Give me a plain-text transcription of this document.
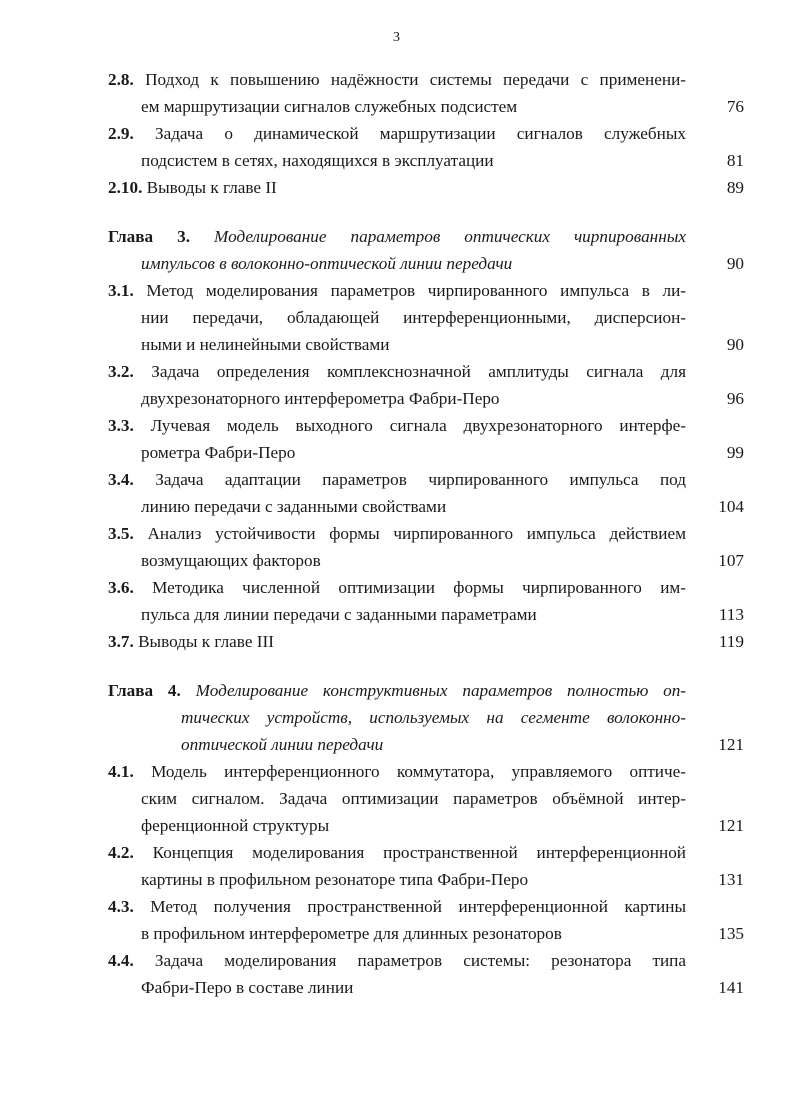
3
2.8. Подход к повышению надёжности системы передачи с применени-
ем маршрутизации сигналов служебных подсистем	76
2.9. Задача о динамической маршрутизации сигналов служебных
подсистем в сетях, находящихся в эксплуатации	81
2.10. Выводы к главе II	89
Глава 3. Моделирование параметров оптических чирпированных
импульсов в волоконно-оптической линии передачи	90
3.1. Метод моделирования параметров чирпированного импульса в ли-
нии передачи, обладающей интерференционными, дисперсион-
ными и нелинейными свойствами	90
3.2. Задача определения комплекснозначной амплитуды сигнала для
двухрезонаторного интерферометра Фабри-Перо	96
3.3. Лучевая модель выходного сигнала двухрезонаторного интерфе-
рометра Фабри-Перо	99
3.4. Задача адаптации параметров чирпированного импульса под
линию передачи с заданными свойствами	104
3.5. Анализ устойчивости формы чирпированного импульса действием
возмущающих факторов	107
3.6. Методика численной оптимизации формы чирпированного им-
пульса для линии передачи с заданными параметрами	113
3.7. Выводы к главе III	119
Глава 4. Моделирование конструктивных параметров полностью оп-
тических устройств, используемых на сегменте волоконно-
оптической линии передачи	121
4.1. Модель интерференционного коммутатора, управляемого оптиче-
ским сигналом. Задача оптимизации параметров объёмной интер-
ференционной структуры	121
4.2. Концепция моделирования пространственной интерференционной
картины в профильном резонаторе типа Фабри-Перо	131
4.3. Метод получения пространственной интерференционной картины
в профильном интерферометре для длинных резонаторов	135
4.4. Задача моделирования параметров системы: резонатора типа
Фабри-Перо в составе линии	141
